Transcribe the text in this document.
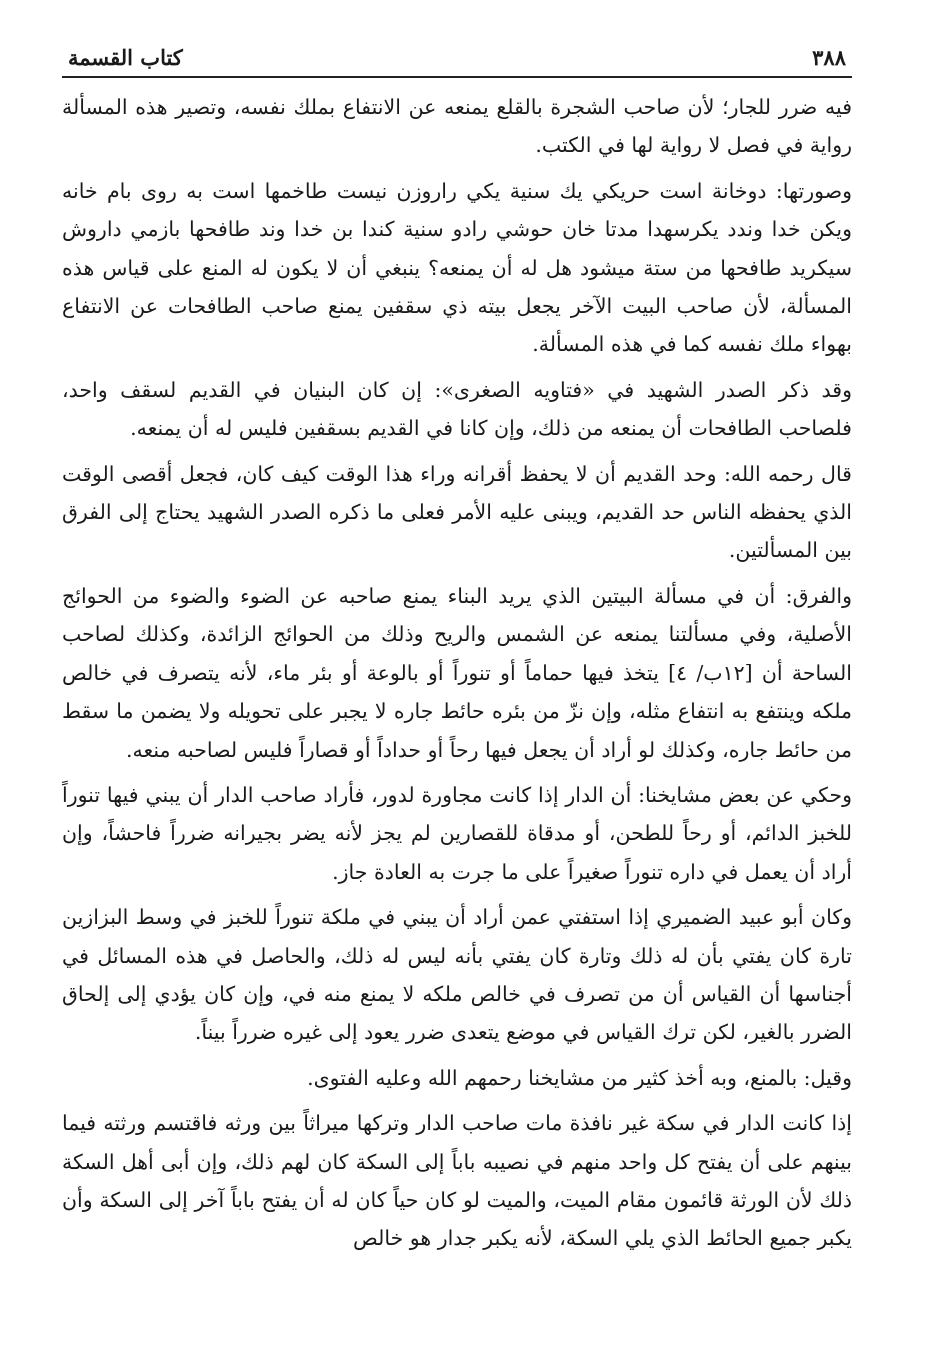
٣٨٨
كتاب القسمة

فيه ضرر للجار؛ لأن صاحب الشجرة بالقلع يمنعه عن الانتفاع بملك نفسه، وتصير هذه المسألة رواية في فصل لا رواية لها في الكتب.

وصورتها: دوخانة است حريكي يك سنية يكي راروزن نيست طاخمها است به روى بام خانه ويكن خدا وندد يكرسهدا مدتا خان حوشي رادو سنية كندا بن خدا وند طافحها بازمي داروش سيكريد طافحها من ستة ميشود هل له أن يمنعه؟ ينبغي أن لا يكون له المنع على قياس هذه المسألة، لأن صاحب البيت الآخر يجعل بيته ذي سقفين يمنع صاحب الطافحات عن الانتفاع بهواء ملك نفسه كما في هذه المسألة.

وقد ذكر الصدر الشهيد في «فتاويه الصغرى»: إن كان البنيان في القديم لسقف واحد، فلصاحب الطافحات أن يمنعه من ذلك، وإن كانا في القديم بسقفين فليس له أن يمنعه.

قال رحمه الله: وحد القديم أن لا يحفظ أقرانه وراء هذا الوقت كيف كان، فجعل أقصى الوقت الذي يحفظه الناس حد القديم، ويبنى عليه الأمر فعلى ما ذكره الصدر الشهيد يحتاج إلى الفرق بين المسألتين.

والفرق: أن في مسألة البيتين الذي يريد البناء يمنع صاحبه عن الضوء والضوء من الحوائج الأصلية، وفي مسألتنا يمنعه عن الشمس والريح وذلك من الحوائج الزائدة، وكذلك لصاحب الساحة أن [١٢ب/ ٤] يتخذ فيها حماماً أو تنوراً أو بالوعة أو بئر ماء، لأنه يتصرف في خالص ملكه وينتفع به انتفاع مثله، وإن نزّ من بئره حائط جاره لا يجبر على تحويله ولا يضمن ما سقط من حائط جاره، وكذلك لو أراد أن يجعل فيها رحاً أو حداداً أو قصاراً فليس لصاحبه منعه.

وحكي عن بعض مشايخنا: أن الدار إذا كانت مجاورة لدور، فأراد صاحب الدار أن يبني فيها تنوراً للخبز الدائم، أو رحاً للطحن، أو مدقاة للقصارين لم يجز لأنه يضر بجيرانه ضرراً فاحشاً، وإن أراد أن يعمل في داره تنوراً صغيراً على ما جرت به العادة جاز.

وكان أبو عبيد الضميري إذا استفتي عمن أراد أن يبني في ملكة تنوراً للخبز في وسط البزازين تارة كان يفتي بأن له ذلك وتارة كان يفتي بأنه ليس له ذلك، والحاصل في هذه المسائل في أجناسها أن القياس أن من تصرف في خالص ملكه لا يمنع منه في، وإن كان يؤدي إلى إلحاق الضرر بالغير، لكن ترك القياس في موضع يتعدى ضرر يعود إلى غيره ضرراً بيناً.

وقيل: بالمنع، وبه أخذ كثير من مشايخنا رحمهم الله وعليه الفتوى.

إذا كانت الدار في سكة غير نافذة مات صاحب الدار وتركها ميراثاً بين ورثه فاقتسم ورثته فيما بينهم على أن يفتح كل واحد منهم في نصيبه باباً إلى السكة كان لهم ذلك، وإن أبى أهل السكة ذلك لأن الورثة قائمون مقام الميت، والميت لو كان حياً كان له أن يفتح باباً آخر إلى السكة وأن يكبر جميع الحائط الذي يلي السكة، لأنه يكبر جدار هو خالص
